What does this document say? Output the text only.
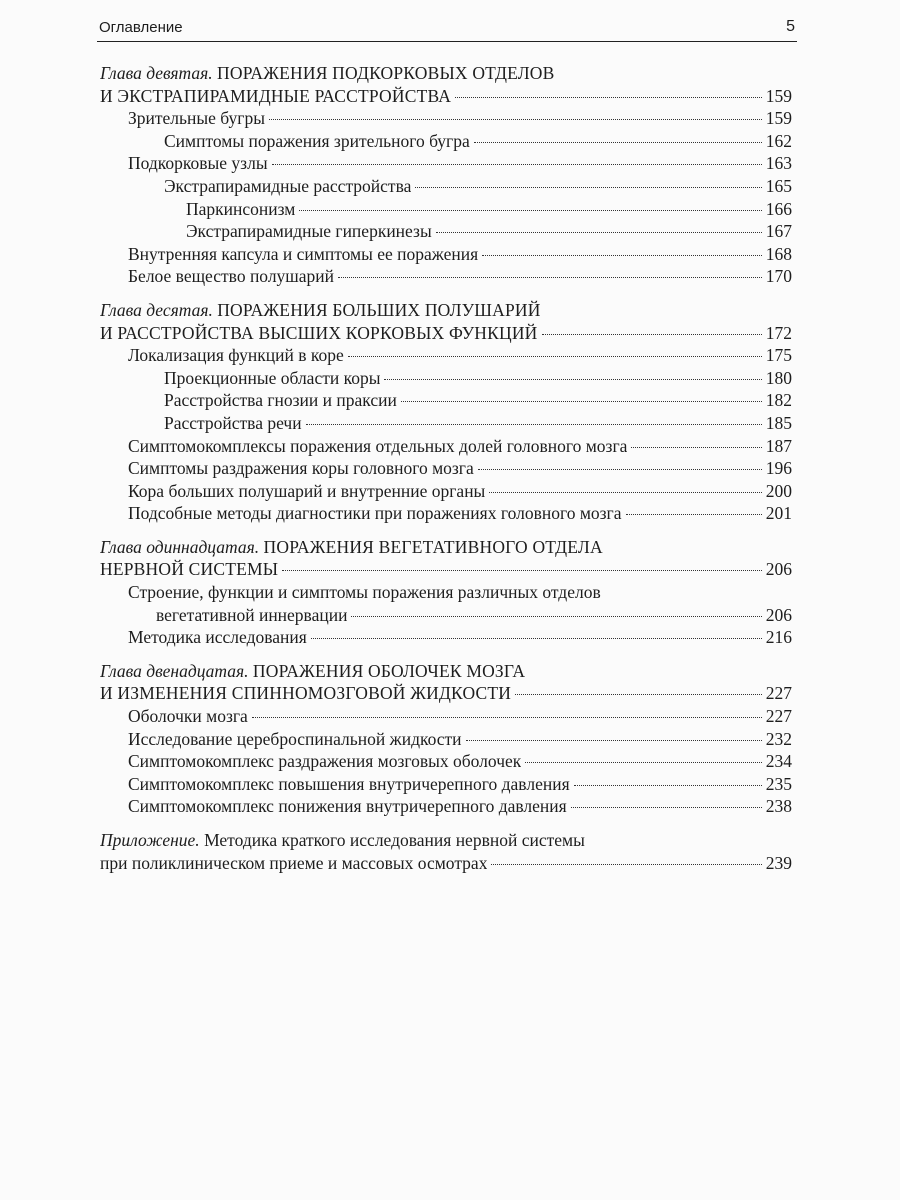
Оглавление	5
Глава девятая. ПОРАЖЕНИЯ ПОДКОРКОВЫХ ОТДЕЛОВ
И ЭКСТРАПИРАМИДНЫЕ РАССТРОЙСТВА	159
Зрительные бугры	159
Симптомы поражения зрительного бугра	162
Подкорковые узлы	163
Экстрапирамидные расстройства	165
Паркинсонизм	166
Экстрапирамидные гиперкинезы	167
Внутренняя капсула и симптомы ее поражения	168
Белое вещество полушарий	170
Глава десятая. ПОРАЖЕНИЯ БОЛЬШИХ ПОЛУШАРИЙ
И РАССТРОЙСТВА ВЫСШИХ КОРКОВЫХ ФУНКЦИЙ	172
Локализация функций в коре	175
Проекционные области коры	180
Расстройства гнозии и праксии	182
Расстройства речи	185
Симптомокомплексы поражения отдельных долей головного мозга	187
Симптомы раздражения коры головного мозга	196
Кора больших полушарий и внутренние органы	200
Подсобные методы диагностики при поражениях головного мозга	201
Глава одиннадцатая. ПОРАЖЕНИЯ ВЕГЕТАТИВНОГО ОТДЕЛА
НЕРВНОЙ СИСТЕМЫ	206
Строение, функции и симптомы поражения различных отделов
вегетативной иннервации	206
Методика исследования	216
Глава двенадцатая. ПОРАЖЕНИЯ ОБОЛОЧЕК МОЗГА
И ИЗМЕНЕНИЯ СПИННОМОЗГОВОЙ ЖИДКОСТИ	227
Оболочки мозга	227
Исследование цереброспинальной жидкости	232
Симптомокомплекс раздражения мозговых оболочек	234
Симптомокомплекс повышения внутричерепного давления	235
Симптомокомплекс понижения внутричерепного давления	238
Приложение. Методика краткого исследования нервной системы
при поликлиническом приеме и массовых осмотрах	239
